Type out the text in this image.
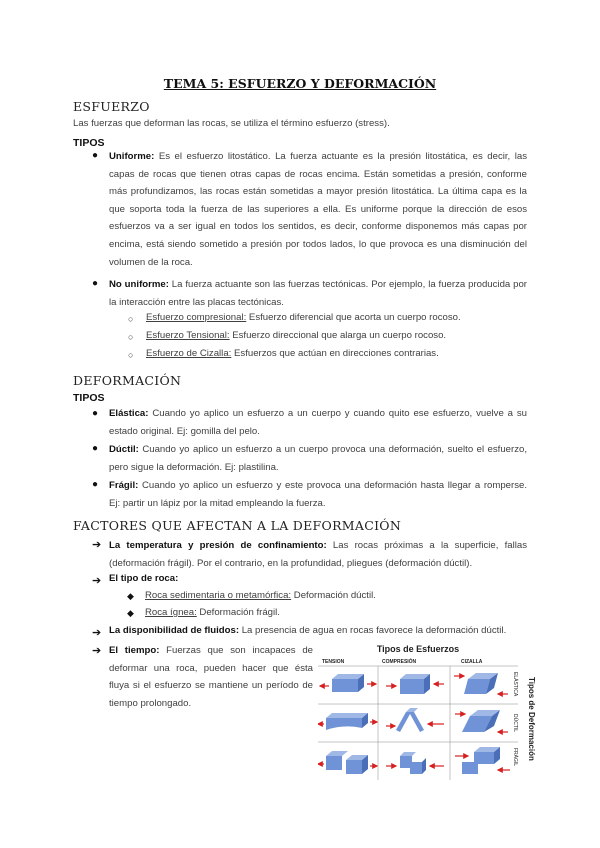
TEMA 5: ESFUERZO Y DEFORMACIÓN
ESFUERZO
Las fuerzas que deforman las rocas, se utiliza el término esfuerzo (stress).
TIPOS
● Uniforme: Es el esfuerzo litostático. La fuerza actuante es la presión litostática, es decir, las capas de rocas que tienen otras capas de rocas encima. Están sometidas a presión, conforme más profundizamos, las rocas están sometidas a mayor presión litostática. La última capa es la que soporta toda la fuerza de las superiores a ella. Es uniforme porque la dirección de esos esfuerzos va a ser igual en todos los sentidos, es decir, conforme disponemos más capas por encima, está siendo sometido a presión por todos lados, lo que provoca es una disminución del volumen de la roca.
● No uniforme: La fuerza actuante son las fuerzas tectónicas. Por ejemplo, la fuerza producida por la interacción entre las placas tectónicas.
○ Esfuerzo compresional: Esfuerzo diferencial que acorta un cuerpo rocoso.
○ Esfuerzo Tensional: Esfuerzo direccional que alarga un cuerpo rocoso.
○ Esfuerzo de Cizalla: Esfuerzos que actúan en direcciones contrarias.
DEFORMACIÓN
TIPOS
● Elástica: Cuando yo aplico un esfuerzo a un cuerpo y cuando quito ese esfuerzo, vuelve a su estado original. Ej: gomilla del pelo.
● Dúctil: Cuando yo aplico un esfuerzo a un cuerpo provoca una deformación, suelto el esfuerzo, pero sigue la deformación. Ej: plastilina.
● Frágil: Cuando yo aplico un esfuerzo y este provoca una deformación hasta llegar a romperse. Ej: partir un lápiz por la mitad empleando la fuerza.
FACTORES QUE AFECTAN A LA DEFORMACIÓN
➔ La temperatura y presión de confinamiento: Las rocas próximas a la superficie, fallas (deformación frágil). Por el contrario, en la profundidad, pliegues (deformación dúctil).
➔ El tipo de roca:
◆ Roca sedimentaria o metamórfica: Deformación dúctil.
◆ Roca ígnea: Deformación frágil.
➔ La disponibilidad de fluidos: La presencia de agua en rocas favorece la deformación dúctil.
➔ El tiempo: Fuerzas que son incapaces de deformar una roca, pueden hacer que ésta fluya si el esfuerzo se mantiene un período de tiempo prolongado.
Tipos de Esfuerzos
Tipos de Deformación
TENSION	COMPRESIÓN	CIZALLA
ELÁSTICA
DÚCTIL
FRÁGIL
